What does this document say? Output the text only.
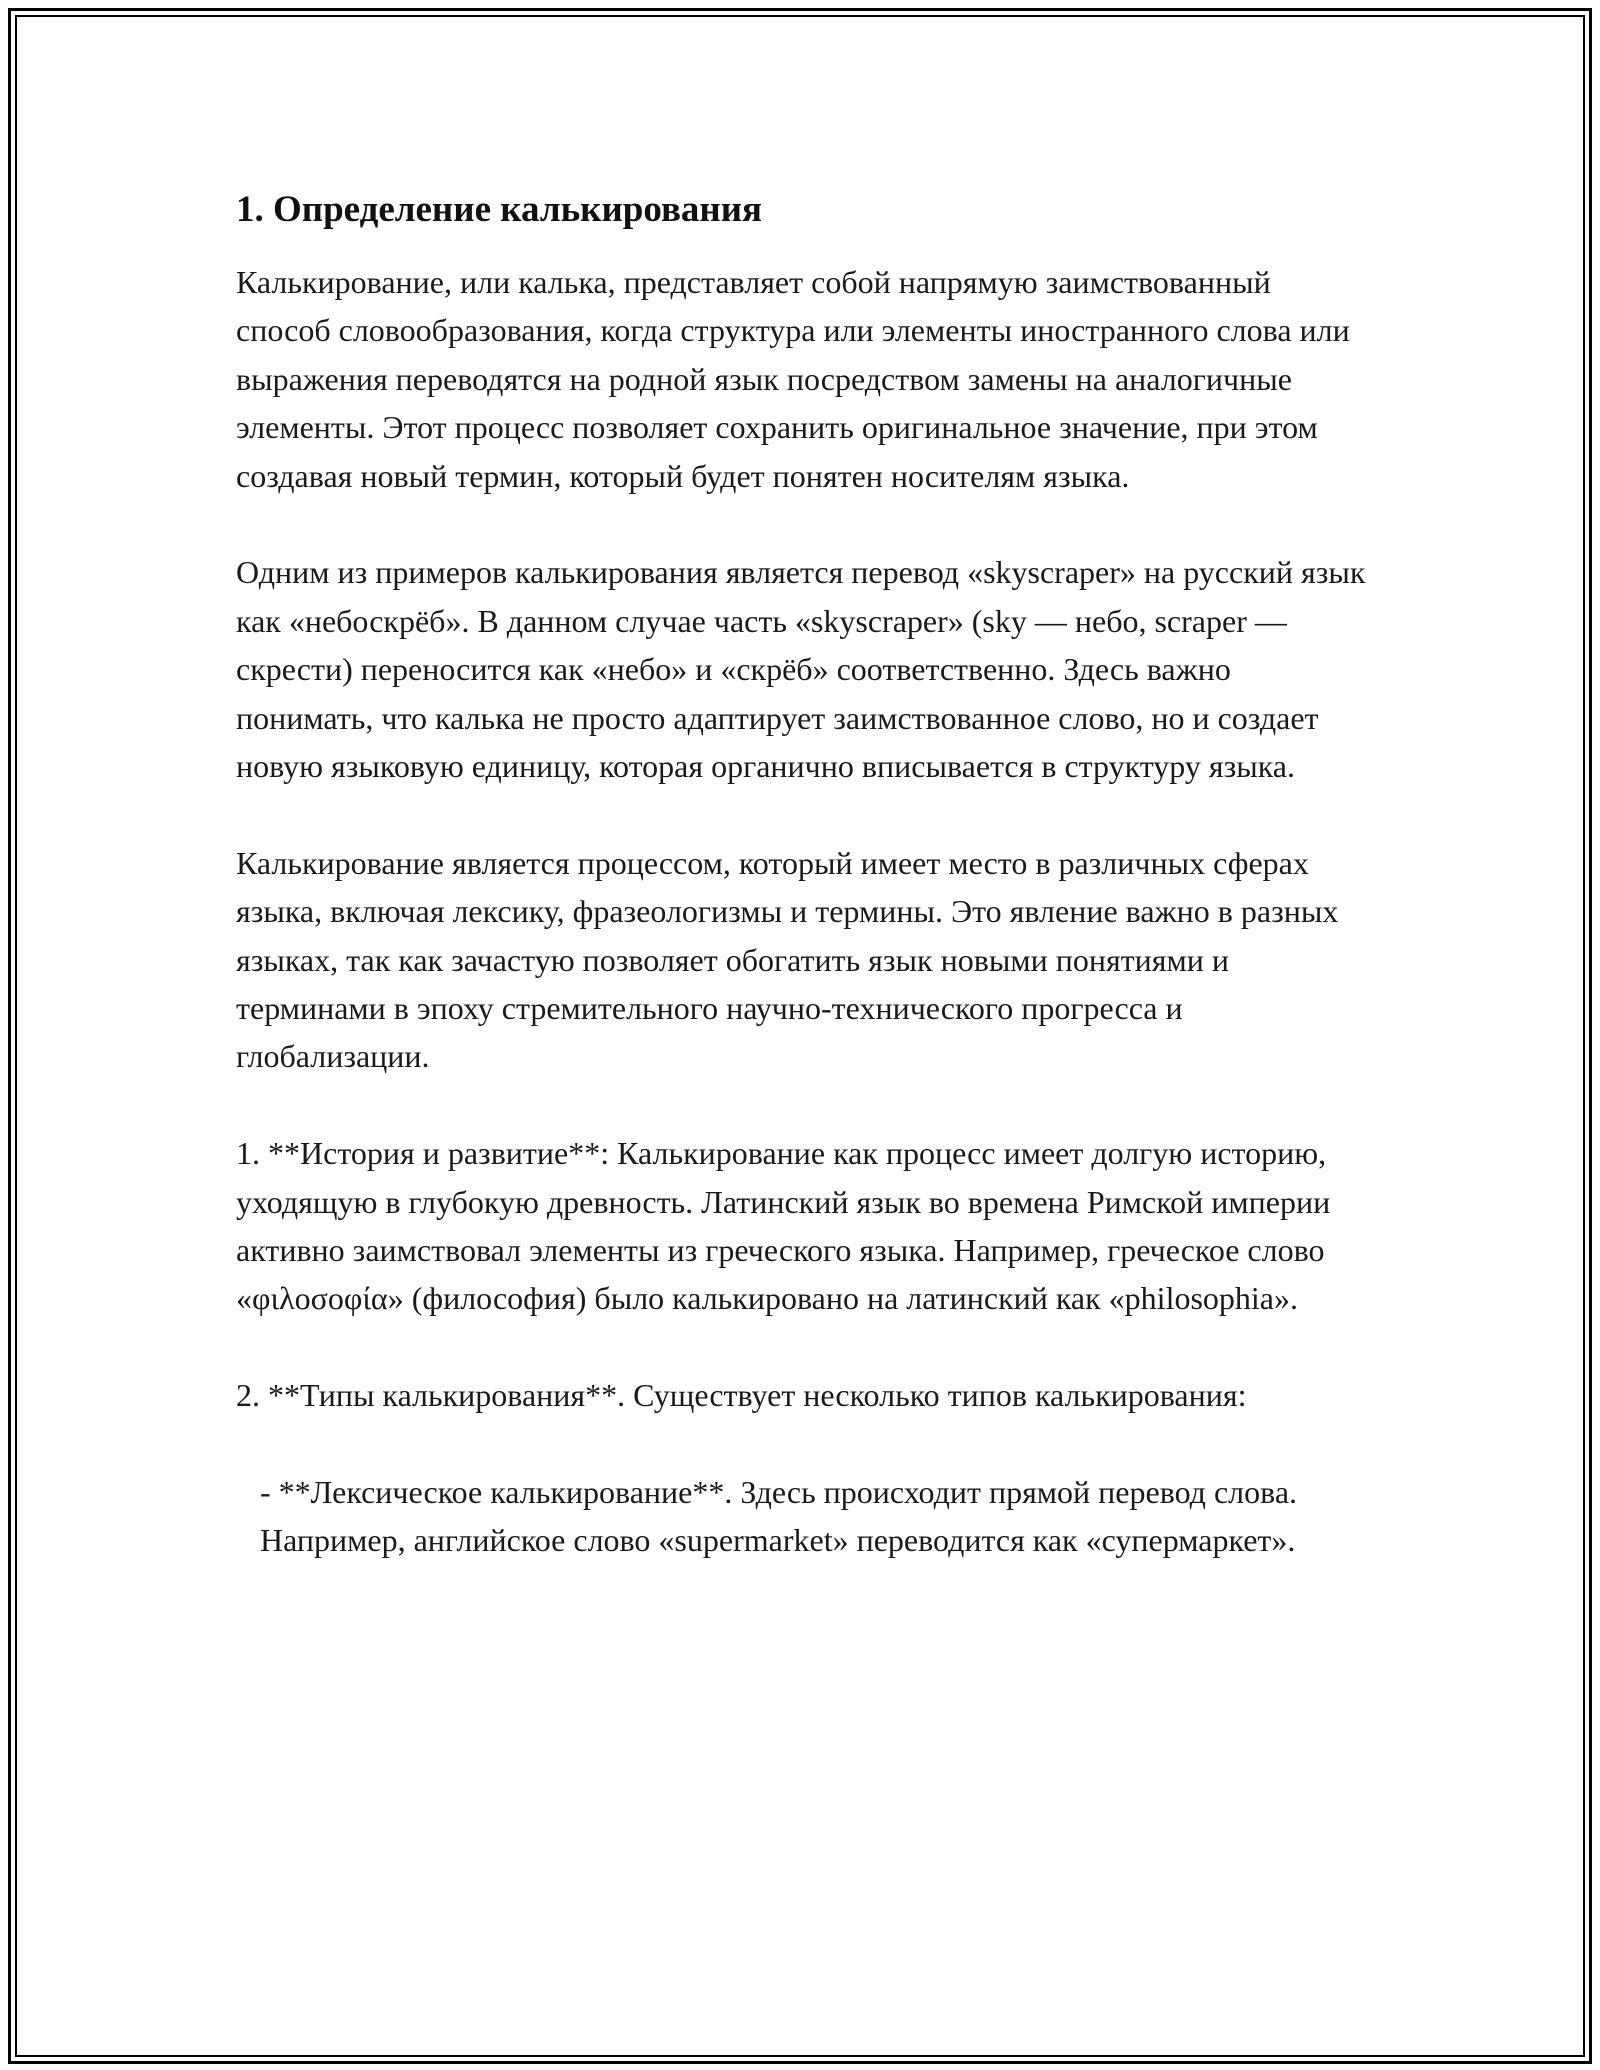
1. Определение калькирования

Калькирование, или калька, представляет собой напрямую заимствованный способ словообразования, когда структура или элементы иностранного слова или выражения переводятся на родной язык посредством замены на аналогичные элементы. Этот процесс позволяет сохранить оригинальное значение, при этом создавая новый термин, который будет понятен носителям языка.

Одним из примеров калькирования является перевод «skyscraper» на русский язык как «небоскрёб». В данном случае часть «skyscraper» (sky — небо, scraper — скрести) переносится как «небо» и «скрёб» соответственно. Здесь важно понимать, что калька не просто адаптирует заимствованное слово, но и создает новую языковую единицу, которая органично вписывается в структуру языка.

Калькирование является процессом, который имеет место в различных сферах языка, включая лексику, фразеологизмы и термины. Это явление важно в разных языках, так как зачастую позволяет обогатить язык новыми понятиями и терминами в эпоху стремительного научно-технического прогресса и глобализации.

1. **История и развитие**: Калькирование как процесс имеет долгую историю, уходящую в глубокую древность. Латинский язык во времена Римской империи активно заимствовал элементы из греческого языка. Например, греческое слово «φιλοσοφία» (философия) было калькировано на латинский как «philosophia».

2. **Типы калькирования**. Существует несколько типов калькирования:

- **Лексическое калькирование**. Здесь происходит прямой перевод слова. Например, английское слово «supermarket» переводится как «супермаркет».
